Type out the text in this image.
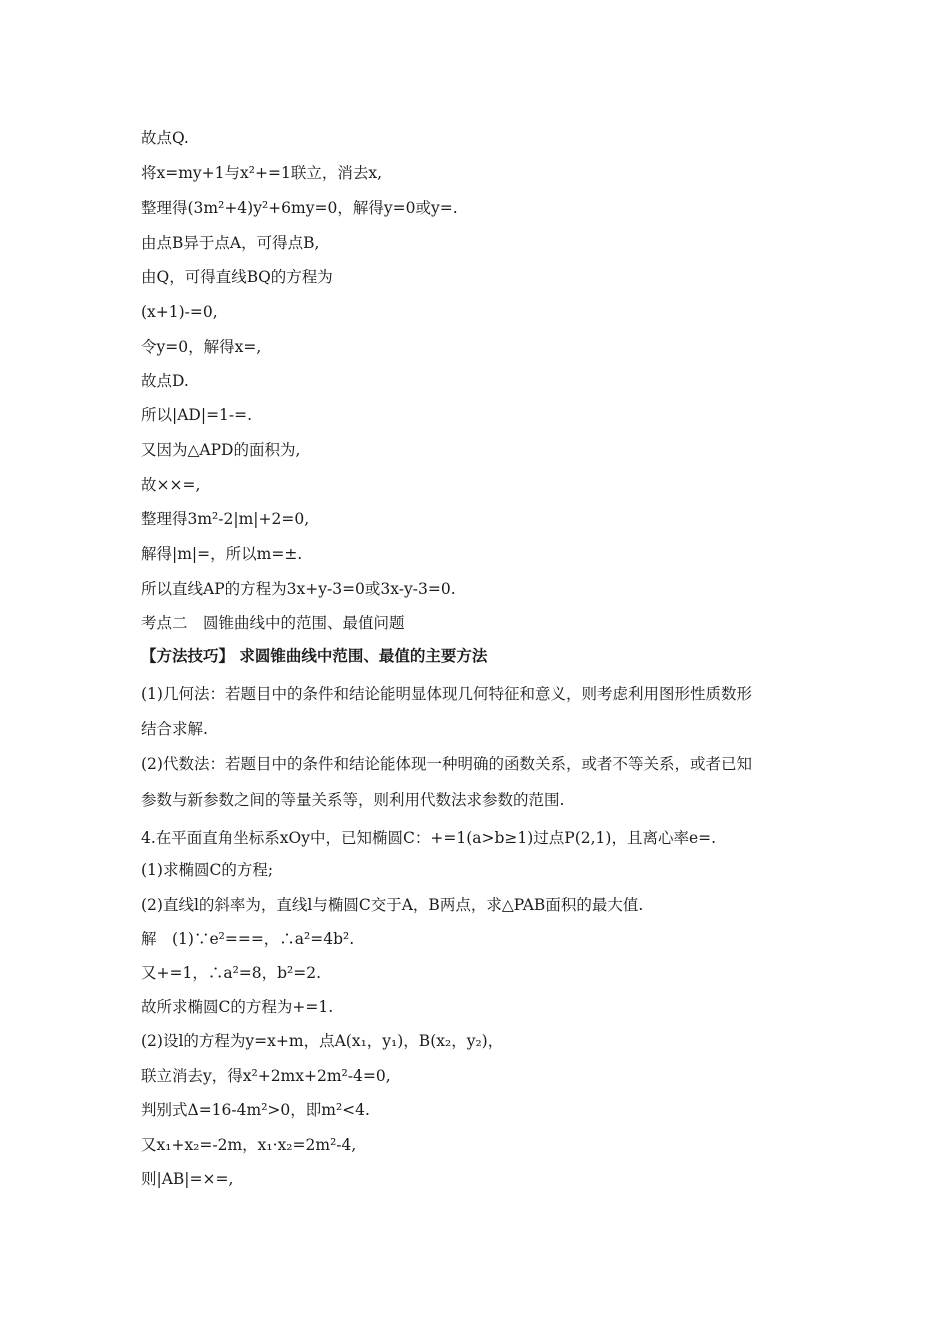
故点Q.
将x=my+1与x²+=1联立，消去x,
整理得(3m²+4)y²+6my=0，解得y=0或y=.
由点B异于点A，可得点B,
由Q，可得直线BQ的方程为
(x+1)-=0,
令y=0，解得x=,
故点D.
所以|AD|=1-=.
又因为△APD的面积为,
故××=,
整理得3m²-2|m|+2=0,
解得|m|=，所以m=±.
所以直线AP的方程为3x+y-3=0或3x-y-3=0.
考点二　圆锥曲线中的范围、最值问题
【方法技巧】 求圆锥曲线中范围、最值的主要方法
(1)几何法：若题目中的条件和结论能明显体现几何特征和意义，则考虑利用图形性质数形
结合求解.
(2)代数法：若题目中的条件和结论能体现一种明确的函数关系，或者不等关系，或者已知
参数与新参数之间的等量关系等，则利用代数法求参数的范围.
4.在平面直角坐标系xOy中，已知椭圆C：+=1(a>b≥1)过点P(2,1)，且离心率e=.
(1)求椭圆C的方程;
(2)直线l的斜率为，直线l与椭圆C交于A，B两点，求△PAB面积的最大值.
解　(1)∵e²===，∴a²=4b².
又+=1，∴a²=8，b²=2.
故所求椭圆C的方程为+=1.
(2)设l的方程为y=x+m，点A(x₁，y₁)，B(x₂，y₂)，
联立消去y，得x²+2mx+2m²-4=0,
判别式Δ=16-4m²>0，即m²<4.
又x₁+x₂=-2m，x₁·x₂=2m²-4,
则|AB|=×=,
